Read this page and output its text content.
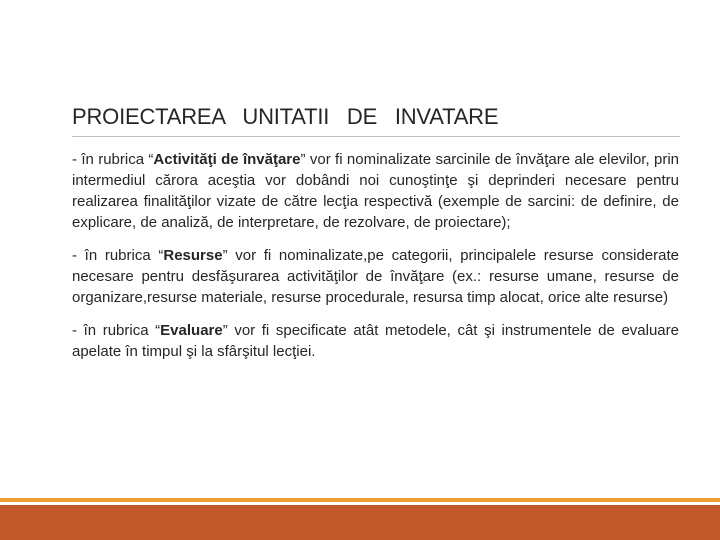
PROIECTAREA   UNITATII   DE   INVATARE

- în rubrica “Activităţi de învăţare” vor fi nominalizate sarcinile de învăţare ale elevilor, prin intermediul cărora aceştia vor dobândi noi cunoştinţe şi deprinderi necesare pentru realizarea finalităţilor vizate de către lecţia respectivă (exemple de sarcini: de definire, de explicare, de analiză, de interpretare, de rezolvare, de proiectare);

- în rubrica “Resurse” vor fi nominalizate,pe categorii, principalele resurse considerate necesare pentru desfăşurarea activităţilor de învăţare (ex.: resurse umane, resurse de organizare,resurse materiale, resurse procedurale, resursa timp alocat, orice alte resurse)

- în rubrica “Evaluare” vor fi specificate atât metodele, cât şi instrumentele de evaluare apelate în timpul şi la sfârşitul lecţiei.
